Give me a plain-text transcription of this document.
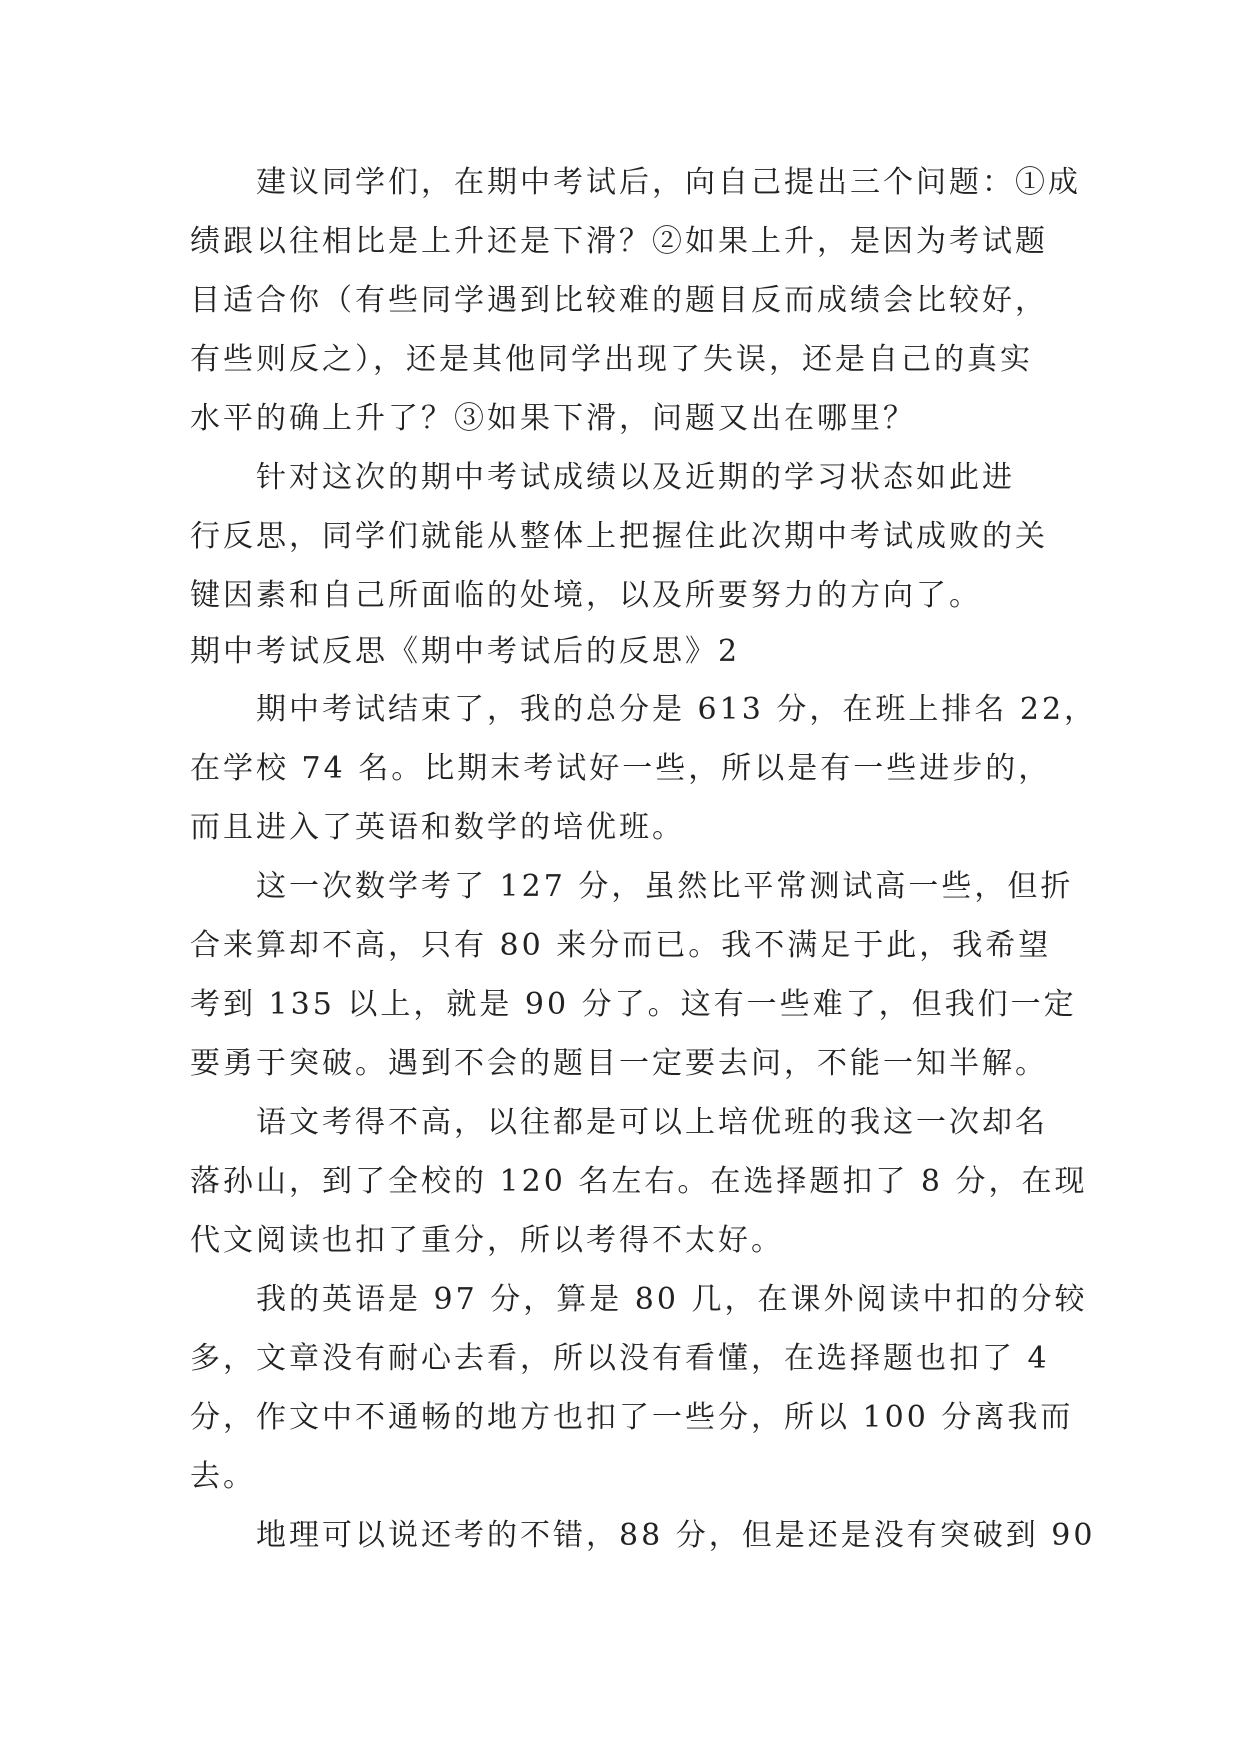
建议同学们，在期中考试后，向自己提出三个问题：①成
绩跟以往相比是上升还是下滑？②如果上升，是因为考试题
目适合你（有些同学遇到比较难的题目反而成绩会比较好，
有些则反之），还是其他同学出现了失误，还是自己的真实
水平的确上升了？③如果下滑，问题又出在哪里？
针对这次的期中考试成绩以及近期的学习状态如此进
行反思，同学们就能从整体上把握住此次期中考试成败的关
键因素和自己所面临的处境，以及所要努力的方向了。
期中考试反思《期中考试后的反思》2
期中考试结束了，我的总分是 613 分，在班上排名 22，
在学校 74 名。比期末考试好一些，所以是有一些进步的，
而且进入了英语和数学的培优班。
这一次数学考了 127 分，虽然比平常测试高一些，但折
合来算却不高，只有 80 来分而已。我不满足于此，我希望
考到 135 以上，就是 90 分了。这有一些难了，但我们一定
要勇于突破。遇到不会的题目一定要去问，不能一知半解。
语文考得不高，以往都是可以上培优班的我这一次却名
落孙山，到了全校的 120 名左右。在选择题扣了 8 分，在现
代文阅读也扣了重分，所以考得不太好。
我的英语是 97 分，算是 80 几，在课外阅读中扣的分较
多，文章没有耐心去看，所以没有看懂，在选择题也扣了 4
分，作文中不通畅的地方也扣了一些分，所以 100 分离我而
去。
地理可以说还考的不错，88 分，但是还是没有突破到 90
